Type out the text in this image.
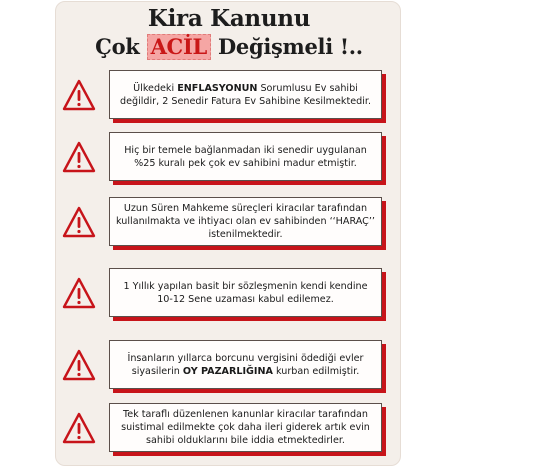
Kira Kanunu
Çok ACİL Değişmeli !..
Ülkedeki ENFLASYONUN Sorumlusu Ev sahibi
değildir, 2 Senedir Fatura Ev Sahibine Kesilmektedir.
Hiç bir temele bağlanmadan iki senedir uygulanan
%25 kuralı pek çok ev sahibini madur etmiştir.
Uzun Süren Mahkeme süreçleri kiracılar tarafından
kullanılmakta ve ihtiyacı olan ev sahibinden ‘‘HARAÇ’’
istenilmektedir.
1 Yıllık yapılan basit bir sözleşmenin kendi kendine
10-12 Sene uzaması kabul edilemez.
İnsanların yıllarca borcunu vergisini ödediği evler
siyasilerin OY PAZARLIĞINA kurban edilmiştir.
Tek taraflı düzenlenen kanunlar kiracılar tarafından
suistimal edilmekte çok daha ileri giderek artık evin
sahibi olduklarını bile iddia etmektedirler.
